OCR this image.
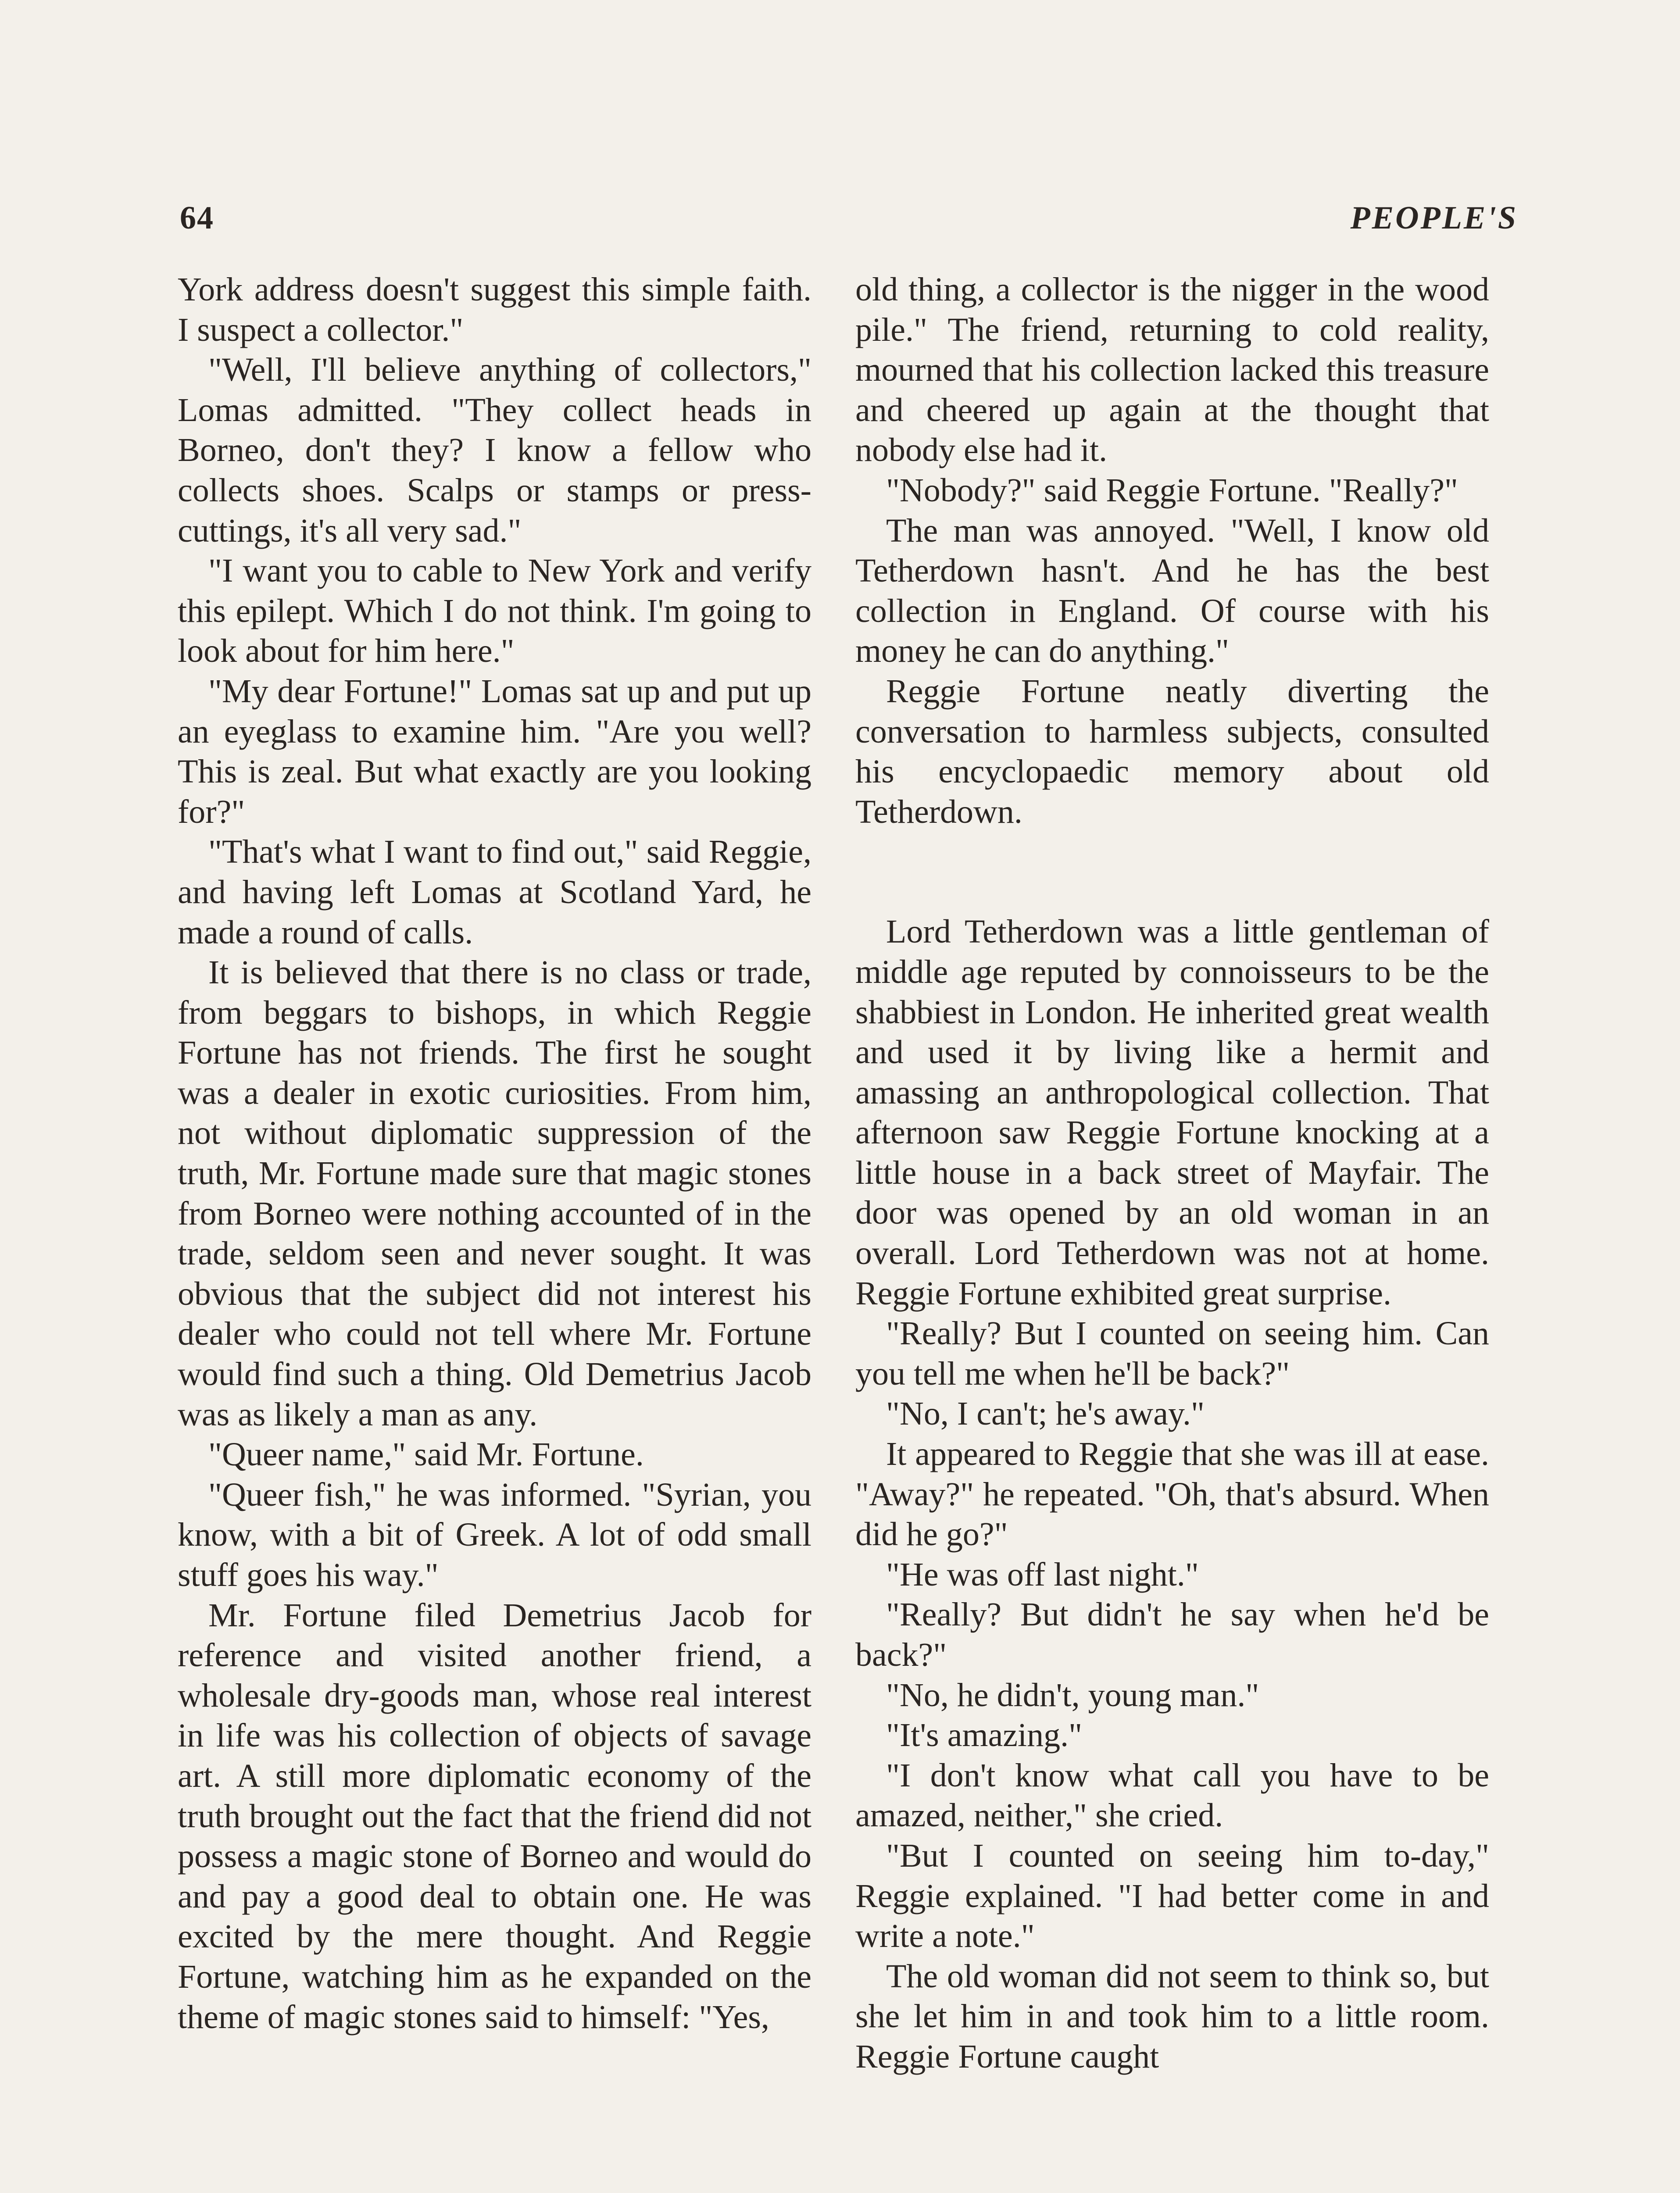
64	PEOPLE'S

York address doesn't suggest this simple faith. I suspect a collector."

"Well, I'll believe anything of collectors," Lomas admitted. "They collect heads in Borneo, don't they? I know a fellow who collects shoes. Scalps or stamps or press-cuttings, it's all very sad."

"I want you to cable to New York and verify this epilept. Which I do not think. I'm going to look about for him here."

"My dear Fortune!" Lomas sat up and put up an eyeglass to examine him. "Are you well? This is zeal. But what exactly are you looking for?"

"That's what I want to find out," said Reggie, and having left Lomas at Scotland Yard, he made a round of calls.

It is believed that there is no class or trade, from beggars to bishops, in which Reggie Fortune has not friends. The first he sought was a dealer in exotic curiosities. From him, not without diplomatic suppression of the truth, Mr. Fortune made sure that magic stones from Borneo were nothing accounted of in the trade, seldom seen and never sought. It was obvious that the subject did not interest his dealer who could not tell where Mr. Fortune would find such a thing. Old Demetrius Jacob was as likely a man as any.

"Queer name," said Mr. Fortune.

"Queer fish," he was informed. "Syrian, you know, with a bit of Greek. A lot of odd small stuff goes his way."

Mr. Fortune filed Demetrius Jacob for reference and visited another friend, a wholesale dry-goods man, whose real interest in life was his collection of objects of savage art. A still more diplomatic economy of the truth brought out the fact that the friend did not possess a magic stone of Borneo and would do and pay a good deal to obtain one. He was excited by the mere thought. And Reggie Fortune, watching him as he expanded on the theme of magic stones said to himself: "Yes,

old thing, a collector is the nigger in the wood pile." The friend, returning to cold reality, mourned that his collection lacked this treasure and cheered up again at the thought that nobody else had it.

"Nobody?" said Reggie Fortune. "Really?"

The man was annoyed. "Well, I know old Tetherdown hasn't. And he has the best collection in England. Of course with his money he can do anything."

Reggie Fortune neatly diverting the conversation to harmless subjects, consulted his encyclopaedic memory about old Tetherdown.

Lord Tetherdown was a little gentleman of middle age reputed by connoisseurs to be the shabbiest in London. He inherited great wealth and used it by living like a hermit and amassing an anthropological collection. That afternoon saw Reggie Fortune knocking at a little house in a back street of Mayfair. The door was opened by an old woman in an overall. Lord Tetherdown was not at home. Reggie Fortune exhibited great surprise.

"Really? But I counted on seeing him. Can you tell me when he'll be back?"

"No, I can't; he's away."

It appeared to Reggie that she was ill at ease. "Away?" he repeated. "Oh, that's absurd. When did he go?"

"He was off last night."

"Really? But didn't he say when he'd be back?"

"No, he didn't, young man."

"It's amazing."

"I don't know what call you have to be amazed, neither," she cried.

"But I counted on seeing him to-day," Reggie explained. "I had better come in and write a note."

The old woman did not seem to think so, but she let him in and took him to a little room. Reggie Fortune caught
